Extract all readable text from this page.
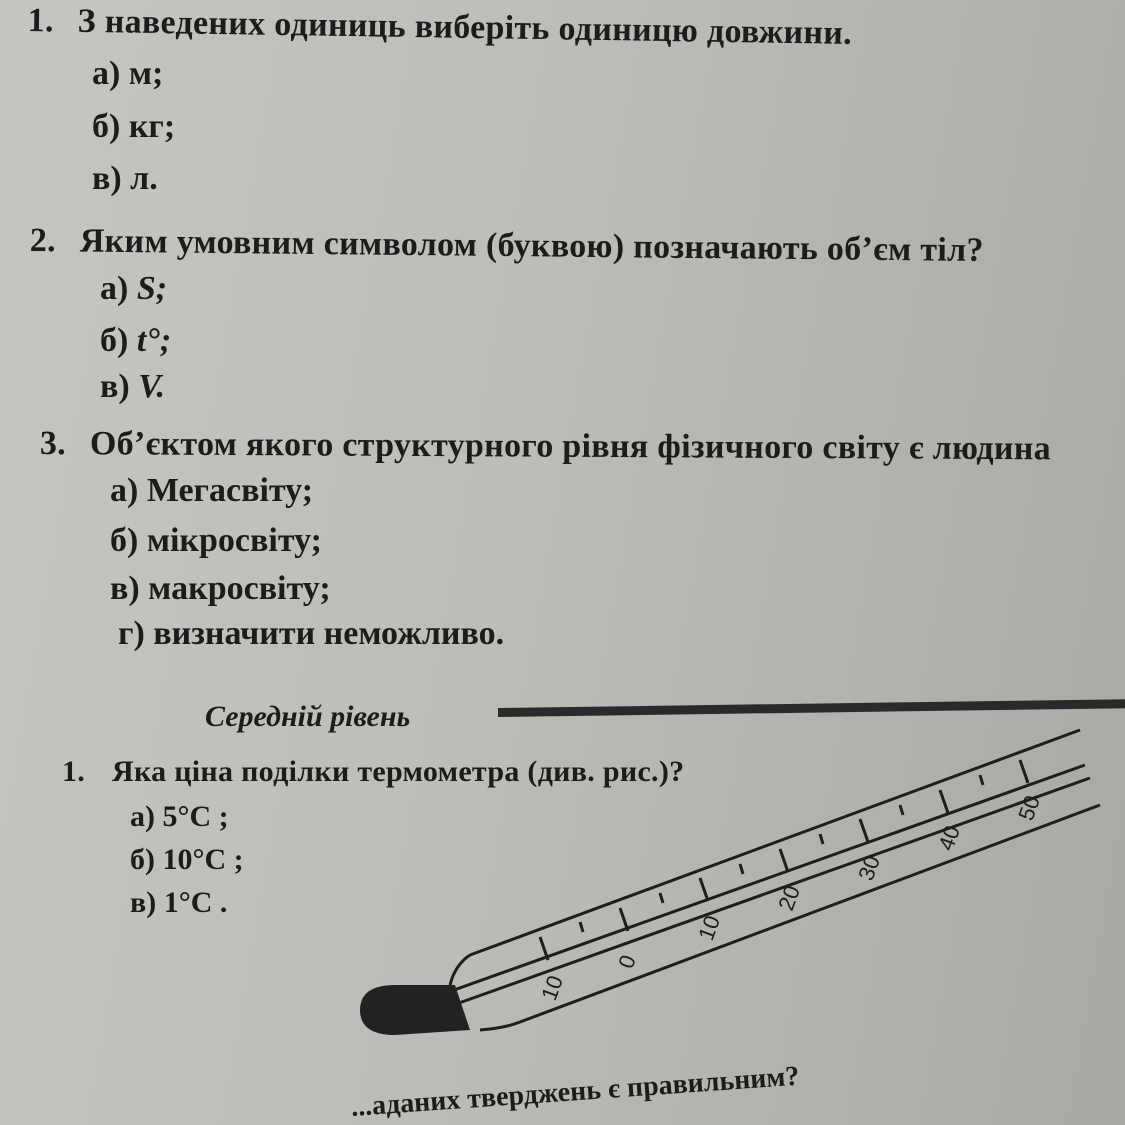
1. З наведених одиниць виберіть одиницю довжини.
а) м;
б) кг;
в) л.
2. Яким умовним символом (буквою) позначають об’єм тіл?
а) S;
б) t°;
в) V.
3. Об’єктом якого структурного рівня фізичного світу є людина
а) Мегасвіту;
б) мікросвіту;
в) макросвіту;
г) визначити неможливо.
Середній рівень
1. Яка ціна поділки термометра (див. рис.)?
а) 5°C ;
б) 10°C ;
в) 1°C .
10
0
10
20
30
40
50
...аданих тверджень є правильним?
